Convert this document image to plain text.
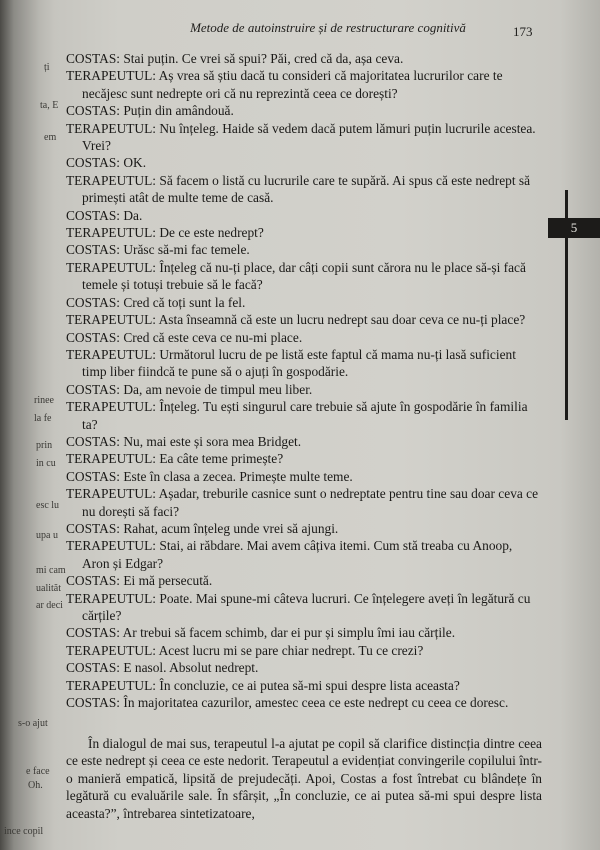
ți
ta, E
em
rinee
la fe
prin
in cu
esc lu
upa u
mi cam
ualităt
ar deci
s-o ajut
e face
Oh.
ince copil
Metode de autoinstruire și de restructurare cognitivă	173
5

COSTAS: Stai puțin. Ce vrei să spui? Păi, cred că da, așa ceva.

TERAPEUTUL: Aș vrea să știu dacă tu consideri că majoritatea lucrurilor care te necăjesc sunt nedrepte ori că nu reprezintă ceea ce dorești?

COSTAS: Puțin din amândouă.

TERAPEUTUL: Nu înțeleg. Haide să vedem dacă putem lămuri puțin lucrurile acestea. Vrei?

COSTAS: OK.

TERAPEUTUL: Să facem o listă cu lucrurile care te supără. Ai spus că este nedrept să primești atât de multe teme de casă.

COSTAS: Da.

TERAPEUTUL: De ce este nedrept?

COSTAS: Urăsc să-mi fac temele.

TERAPEUTUL: Înțeleg că nu-ți place, dar câți copii sunt cărora nu le place să-și facă temele și totuși trebuie să le facă?

COSTAS: Cred că toți sunt la fel.

TERAPEUTUL: Asta înseamnă că este un lucru nedrept sau doar ceva ce nu-ți place?

COSTAS: Cred că este ceva ce nu-mi place.

TERAPEUTUL: Următorul lucru de pe listă este faptul că mama nu-ți lasă suficient timp liber fiindcă te pune să o ajuți în gospodărie.

COSTAS: Da, am nevoie de timpul meu liber.

TERAPEUTUL: Înțeleg. Tu ești singurul care trebuie să ajute în gospodărie în familia ta?

COSTAS: Nu, mai este și sora mea Bridget.

TERAPEUTUL: Ea câte teme primește?

COSTAS: Este în clasa a zecea. Primește multe teme.

TERAPEUTUL: Așadar, treburile casnice sunt o nedreptate pentru tine sau doar ceva ce nu dorești să faci?

COSTAS: Rahat, acum înțeleg unde vrei să ajungi.

TERAPEUTUL: Stai, ai răbdare. Mai avem câțiva itemi. Cum stă treaba cu Anoop, Aron și Edgar?

COSTAS: Ei mă persecută.

TERAPEUTUL: Poate. Mai spune-mi câteva lucruri. Ce înțelegere aveți în legătură cu cărțile?

COSTAS: Ar trebui să facem schimb, dar ei pur și simplu îmi iau cărțile.

TERAPEUTUL: Acest lucru mi se pare chiar nedrept. Tu ce crezi?

COSTAS: E nasol. Absolut nedrept.

TERAPEUTUL: În concluzie, ce ai putea să-mi spui despre lista aceasta?

COSTAS: În majoritatea cazurilor, amestec ceea ce este nedrept cu ceea ce doresc.

În dialogul de mai sus, terapeutul l-a ajutat pe copil să clarifice distincția dintre ceea ce este nedrept și ceea ce este nedorit. Terapeutul a evidențiat convingerile copilului într-o manieră empatică, lipsită de prejudecăți. Apoi, Costas a fost întrebat cu blândețe în legătură cu evaluările sale. În sfârșit, „În concluzie, ce ai putea să-mi spui despre lista aceasta?”, întrebarea sintetizatoare,
